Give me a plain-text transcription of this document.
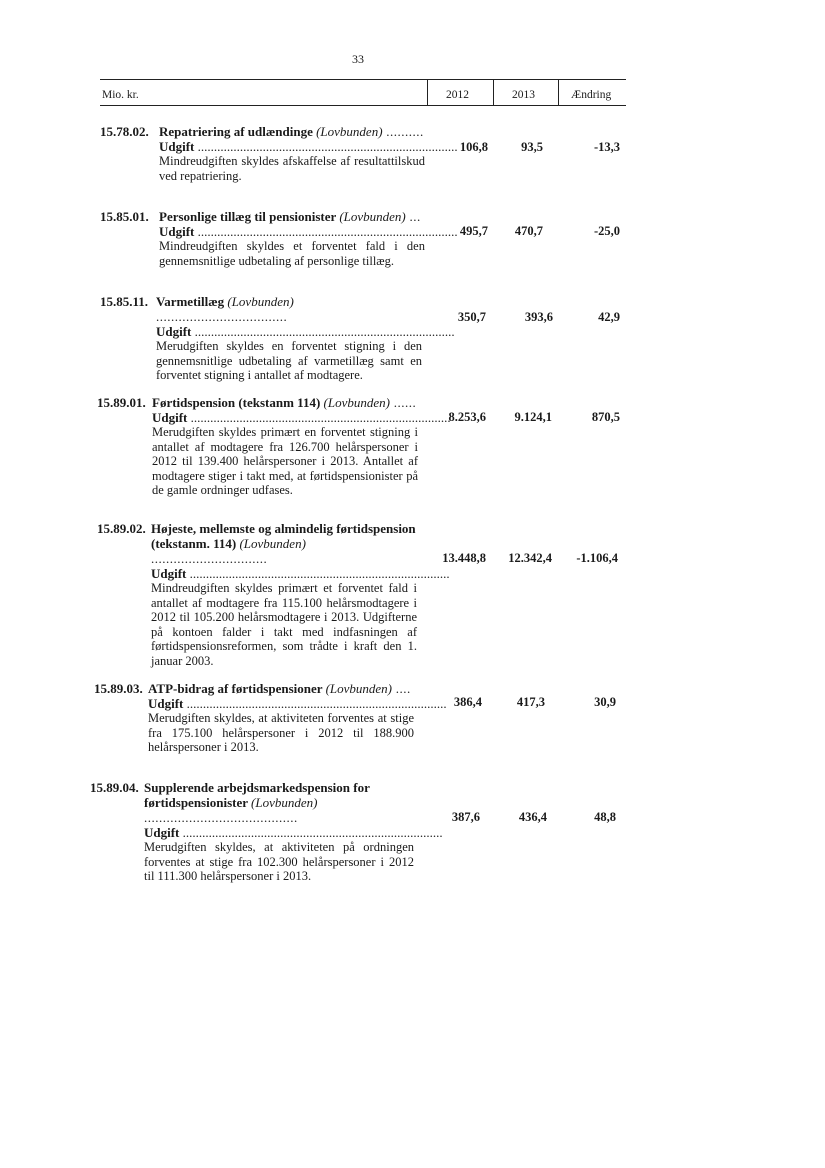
33
Mio. kr.	2012	2013	Ændring
15.78.02. Repatriering af udlændinge (Lovbunden) ..........
Udgift ................................................................................
Mindreudgiften skyldes afskaffelse af resultattilskud ved repatriering.
106,8	93,5	-13,3
15.85.01. Personlige tillæg til pensionister (Lovbunden) ...
Udgift ................................................................................
Mindreudgiften skyldes et forventet fald i den gennemsnitlige udbetaling af personlige tillæg.
495,7	470,7	-25,0
15.85.11. Varmetillæg (Lovbunden) ...................................
Udgift ................................................................................
Merudgiften skyldes en forventet stigning i den gennemsnitlige udbetaling af varmetillæg samt en forventet stigning i antallet af modtagere.
350,7	393,6	42,9
15.89.01. Førtidspension (tekstanm 114) (Lovbunden) ......
Udgift ................................................................................
Merudgiften skyldes primært en forventet stigning i antallet af modtagere fra 126.700 helårspersoner i 2012 til 139.400 helårspersoner i 2013. Antallet af modtagere stiger i takt med, at førtidspensionister på de gamle ordninger udfases.
8.253,6	9.124,1	870,5
15.89.02. Højeste, mellemste og almindelig førtidspension (tekstanm. 114) (Lovbunden) ...............................
Udgift ................................................................................
Mindreudgiften skyldes primært et forventet fald i antallet af modtagere fra 115.100 helårsmodtagere i 2012 til 105.200 helårsmodtagere i 2013. Udgifterne på kontoen falder i takt med indfasningen af førtidspensionsreformen, som trådte i kraft den 1. januar 2003.
13.448,8	12.342,4	-1.106,4
15.89.03. ATP-bidrag af førtidspensioner (Lovbunden) ....
Udgift ................................................................................
Merudgiften skyldes, at aktiviteten forventes at stige fra 175.100 helårspersoner i 2012 til 188.900 helårspersoner i 2013.
386,4	417,3	30,9
15.89.04. Supplerende arbejdsmarkedspension for førtidspensionister (Lovbunden) .........................................
Udgift ................................................................................
Merudgiften skyldes, at aktiviteten på ordningen forventes at stige fra 102.300 helårspersoner i 2012 til 111.300 helårspersoner i 2013.
387,6	436,4	48,8
